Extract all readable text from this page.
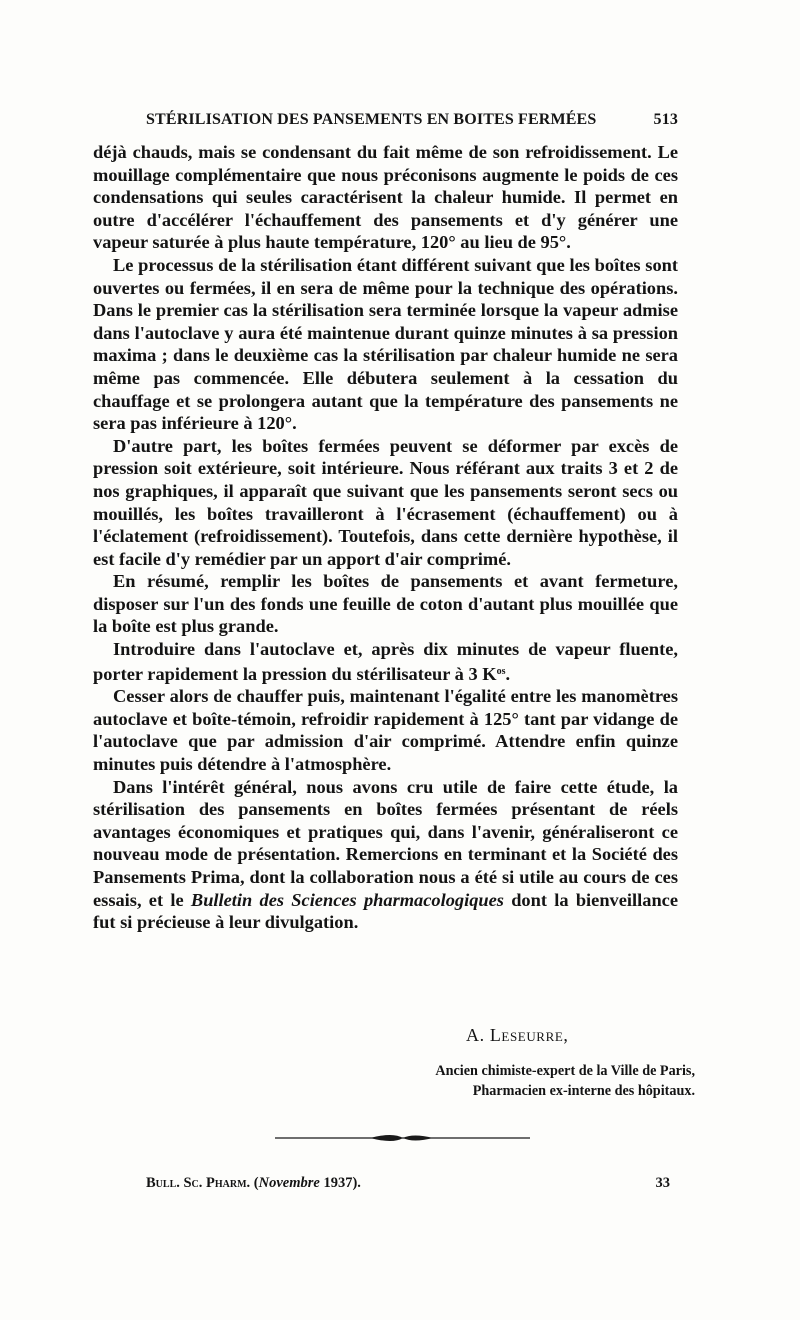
STÉRILISATION DES PANSEMENTS EN BOITES FERMÉES	513

déjà chauds, mais se condensant du fait même de son refroidissement. Le mouillage complémentaire que nous préconisons augmente le poids de ces condensations qui seules caractérisent la chaleur humide. Il permet en outre d'accélérer l'échauffement des pansements et d'y générer une vapeur saturée à plus haute température, 120° au lieu de 95°.

Le processus de la stérilisation étant différent suivant que les boîtes sont ouvertes ou fermées, il en sera de même pour la technique des opérations. Dans le premier cas la stérilisation sera terminée lorsque la vapeur admise dans l'autoclave y aura été maintenue durant quinze minutes à sa pression maxima ; dans le deuxième cas la stérilisation par chaleur humide ne sera même pas commencée. Elle débutera seulement à la cessation du chauffage et se prolongera autant que la température des pansements ne sera pas inférieure à 120°.

D'autre part, les boîtes fermées peuvent se déformer par excès de pression soit extérieure, soit intérieure. Nous référant aux traits 3 et 2 de nos graphiques, il apparaît que suivant que les pansements seront secs ou mouillés, les boîtes travailleront à l'écrasement (échauffement) ou à l'éclatement (refroidissement). Toutefois, dans cette dernière hypothèse, il est facile d'y remédier par un apport d'air comprimé.

En résumé, remplir les boîtes de pansements et avant fermeture, disposer sur l'un des fonds une feuille de coton d'autant plus mouillée que la boîte est plus grande.

Introduire dans l'autoclave et, après dix minutes de vapeur fluente, porter rapidement la pression du stérilisateur à 3 $K^{os}$.

Cesser alors de chauffer puis, maintenant l'égalité entre les manomètres autoclave et boîte-témoin, refroidir rapidement à 125° tant par vidange de l'autoclave que par admission d'air comprimé. Attendre enfin quinze minutes puis détendre à l'atmosphère.

Dans l'intérêt général, nous avons cru utile de faire cette étude, la stérilisation des pansements en boîtes fermées présentant de réels avantages économiques et pratiques qui, dans l'avenir, généraliseront ce nouveau mode de présentation. Remercions en terminant et la Société des Pansements Prima, dont la collaboration nous a été si utile au cours de ces essais, et le Bulletin des Sciences pharmacologiques dont la bienveillance fut si précieuse à leur divulgation.

A. Leseurre,
Ancien chimiste-expert de la Ville de Paris,
Pharmacien ex-interne des hôpitaux.
Bull. Sc. Pharm. (Novembre 1937).	33
